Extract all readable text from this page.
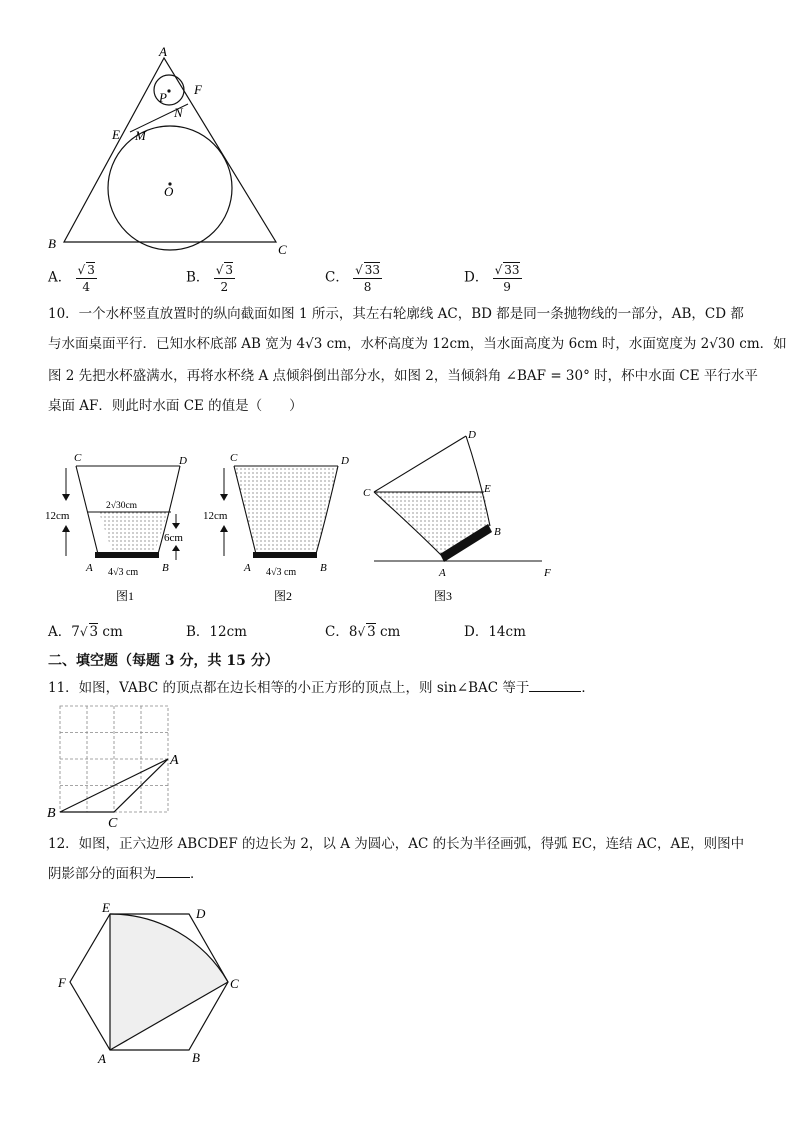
A
B	C
E
F
M
N
P
O
A． $\frac{√ 3}{4}$	B． $\frac{√ 3}{2}$	C． $\frac{√ 33}{8}$	D． $\frac{√ 33}{9}$
10．一个水杯竖直放置时的纵向截面如图 1 所示，其左右轮廓线 AC，BD 都是同一条抛物线的一部分，AB，CD 都
与水面桌面平行．已知水杯底部 AB 宽为 4√3 cm，水杯高度为 12cm，当水面高度为 6cm 时，水面宽度为 2√30 cm．如
图 2 先把水杯盛满水，再将水杯绕 A 点倾斜倒出部分水，如图 2，当倾斜角 ∠BAF = 30° 时，杯中水面 CE 平行水平
桌面 AF．则此时水面 CE 的值是（　　）
C	D
A	B
12cm
2√30cm
6cm
4√3 cm
图1
C	D
A	B
12cm
4√3 cm
图2
C
D
E
B
A	F
图3
A．7√ 3 cm	B．12cm	C．8√ 3 cm	D．14cm
二、填空题（每题 3 分，共 15 分）
11．如图，VABC 的顶点都在边长相等的小正方形的顶点上，则 sin∠BAC 等于	．
A
B
C
12．如图，正六边形 ABCDEF 的边长为 2，以 A 为圆心，AC 的长为半径画弧，得弧 EC，连结 AC，AE，则图中
阴影部分的面积为	．
A	B
C
D
E
F
